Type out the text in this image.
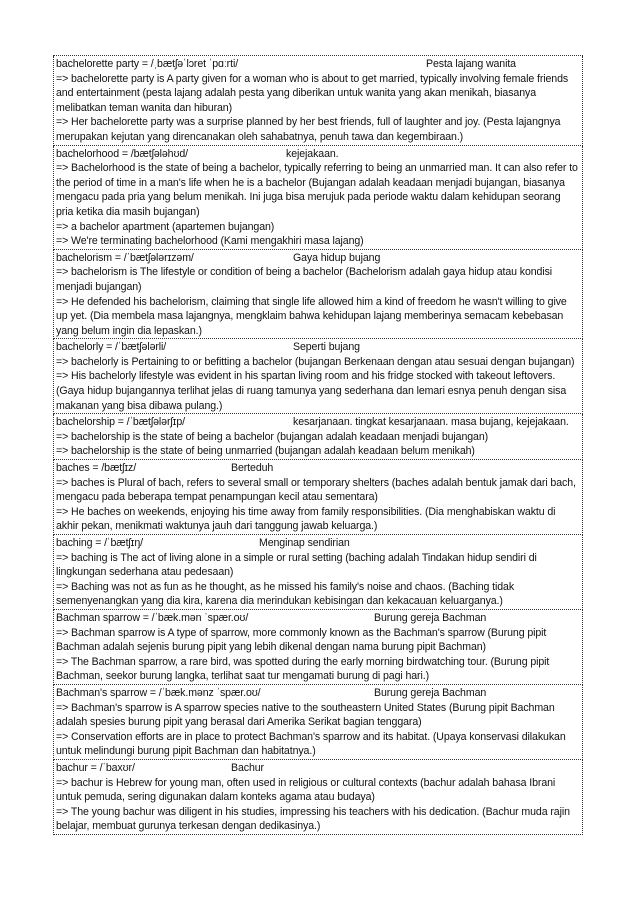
bachelorette party = /ˌbætʃəˈlɔret ˈpɑːrti/	Pesta lajang wanita
=> bachelorette party is A party given for a woman who is about to get married, typically involving female friends and entertainment (pesta lajang adalah pesta yang diberikan untuk wanita yang akan menikah, biasanya melibatkan teman wanita dan hiburan)
=> Her bachelorette party was a surprise planned by her best friends, full of laughter and joy. (Pesta lajangnya merupakan kejutan yang direncanakan oleh sahabatnya, penuh tawa dan kegembiraan.)
bachelorhood = /bætʃələhʊd/	kejejakaan.
=> Bachelorhood is the state of being a bachelor, typically referring to being an unmarried man. It can also refer to the period of time in a man's life when he is a bachelor (Bujangan adalah keadaan menjadi bujangan, biasanya mengacu pada pria yang belum menikah. Ini juga bisa merujuk pada periode waktu dalam kehidupan seorang pria ketika dia masih bujangan)
=> a bachelor apartment (apartemen bujangan)
=> We're terminating bachelorhood (Kami mengakhiri masa lajang)
bachelorism = /ˈbætʃələrɪzəm/	Gaya hidup bujang
=> bachelorism is The lifestyle or condition of being a bachelor (Bachelorism adalah gaya hidup atau kondisi menjadi bujangan)
=> He defended his bachelorism, claiming that single life allowed him a kind of freedom he wasn't willing to give up yet. (Dia membela masa lajangnya, mengklaim bahwa kehidupan lajang memberinya semacam kebebasan yang belum ingin dia lepaskan.)
bachelorly = /ˈbætʃələrli/	Seperti bujang
=> bachelorly is Pertaining to or befitting a bachelor (bujangan Berkenaan dengan atau sesuai dengan bujangan)
=> His bachelorly lifestyle was evident in his spartan living room and his fridge stocked with takeout leftovers. (Gaya hidup bujangannya terlihat jelas di ruang tamunya yang sederhana dan lemari esnya penuh dengan sisa makanan yang bisa dibawa pulang.)
bachelorship = /ˈbætʃələrʃɪp/	kesarjanaan. tingkat kesarjanaan. masa bujang, kejejakaan.
=> bachelorship is the state of being a bachelor (bujangan adalah keadaan menjadi bujangan)
=> bachelorship is the state of being unmarried (bujangan adalah keadaan belum menikah)
baches = /bætʃɪz/	Berteduh
=> baches is Plural of bach, refers to several small or temporary shelters (baches adalah bentuk jamak dari bach, mengacu pada beberapa tempat penampungan kecil atau sementara)
=> He baches on weekends, enjoying his time away from family responsibilities. (Dia menghabiskan waktu di akhir pekan, menikmati waktunya jauh dari tanggung jawab keluarga.)
baching = /ˈbætʃɪŋ/	Menginap sendirian
=> baching is The act of living alone in a simple or rural setting (baching adalah Tindakan hidup sendiri di lingkungan sederhana atau pedesaan)
=> Baching was not as fun as he thought, as he missed his family's noise and chaos. (Baching tidak semenyenangkan yang dia kira, karena dia merindukan kebisingan dan kekacauan keluarganya.)
Bachman sparrow = /ˈbæk.mən ˈspær.oʊ/	Burung gereja Bachman
=> Bachman sparrow is A type of sparrow, more commonly known as the Bachman's sparrow (Burung pipit Bachman adalah sejenis burung pipit yang lebih dikenal dengan nama burung pipit Bachman)
=> The Bachman sparrow, a rare bird, was spotted during the early morning birdwatching tour. (Burung pipit Bachman, seekor burung langka, terlihat saat tur mengamati burung di pagi hari.)
Bachman's sparrow = /ˈbæk.mənz ˈspær.oʊ/	Burung gereja Bachman
=> Bachman's sparrow is A sparrow species native to the southeastern United States (Burung pipit Bachman adalah spesies burung pipit yang berasal dari Amerika Serikat bagian tenggara)
=> Conservation efforts are in place to protect Bachman's sparrow and its habitat. (Upaya konservasi dilakukan untuk melindungi burung pipit Bachman dan habitatnya.)
bachur = /ˈbaxʊr/	Bachur
=> bachur is Hebrew for young man, often used in religious or cultural contexts (bachur adalah bahasa Ibrani untuk pemuda, sering digunakan dalam konteks agama atau budaya)
=> The young bachur was diligent in his studies, impressing his teachers with his dedication. (Bachur muda rajin belajar, membuat gurunya terkesan dengan dedikasinya.)
